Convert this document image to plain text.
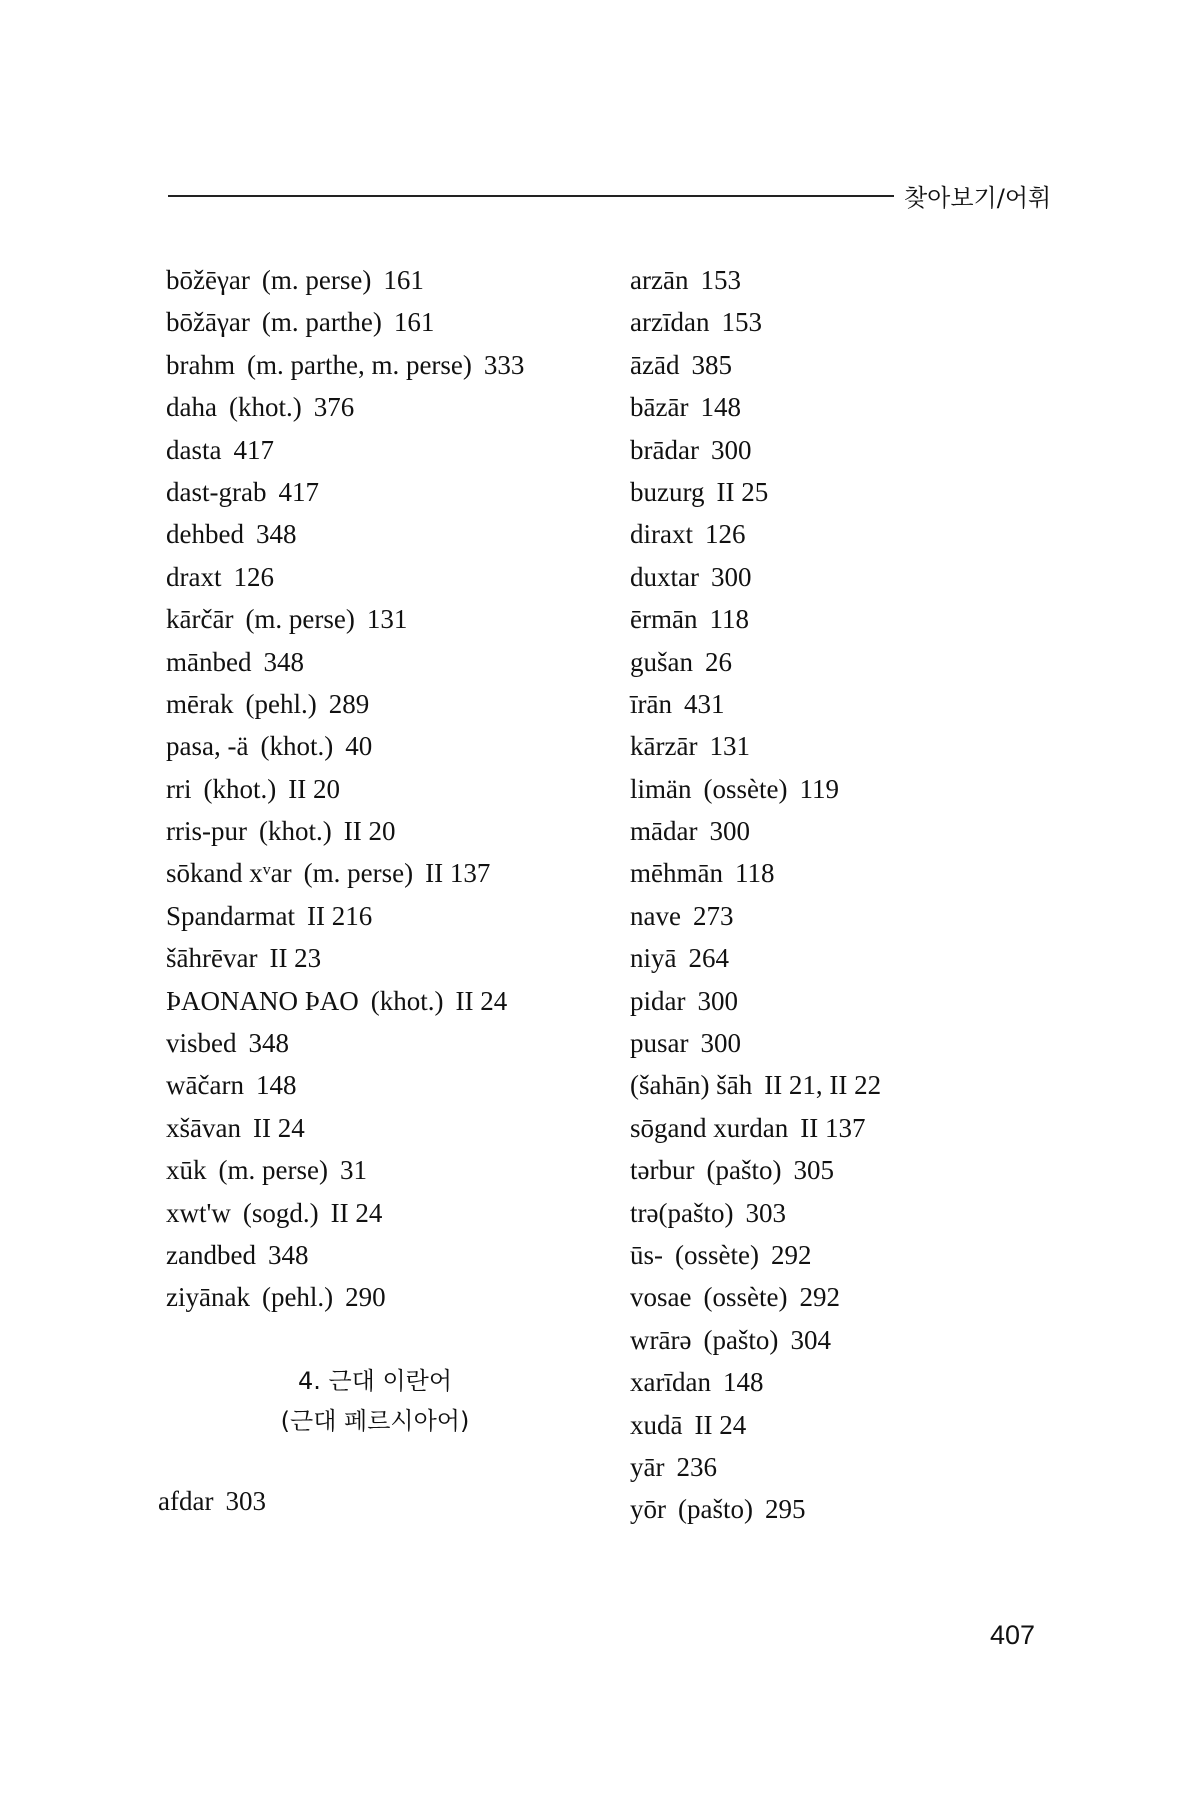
찾아보기/어휘
bōžēγar (m. perse) 161
bōžāγar (m. parthe) 161
brahm (m. parthe, m. perse) 333
daha (khot.) 376
dasta 417
dast-grab 417
dehbed 348
draxt 126
kārčār (m. perse) 131
mānbed 348
mērak (pehl.) 289
pasa, -ä (khot.) 40
rri (khot.) II 20
rris-pur (khot.) II 20
sōkand xᵛar (m. perse) II 137
Spandarmat II 216
šāhrēvar II 23
ÞAONANO ÞAO (khot.) II 24
visbed 348
wāčarn 148
xšāvan II 24
xūk (m. perse) 31
xwt'w (sogd.) II 24
zandbed 348
ziyānak (pehl.) 290
4. 근대 이란어
(근대 페르시아어)
afdar 303
arzān 153
arzīdan 153
āzād 385
bāzār 148
brādar 300
buzurg II 25
diraxt 126
duxtar 300
ērmān 118
gušan 26
īrān 431
kārzār 131
limän (ossète) 119
mādar 300
mēhmān 118
nave 273
niyā 264
pidar 300
pusar 300
(šahān) šāh II 21, II 22
sōgand xurdan II 137
tərbur (pašto) 305
trə(pašto) 303
ūs- (ossète) 292
vosae (ossète) 292
wrārə (pašto) 304
xarīdan 148
xudā II 24
yār 236
yōr (pašto) 295
407
